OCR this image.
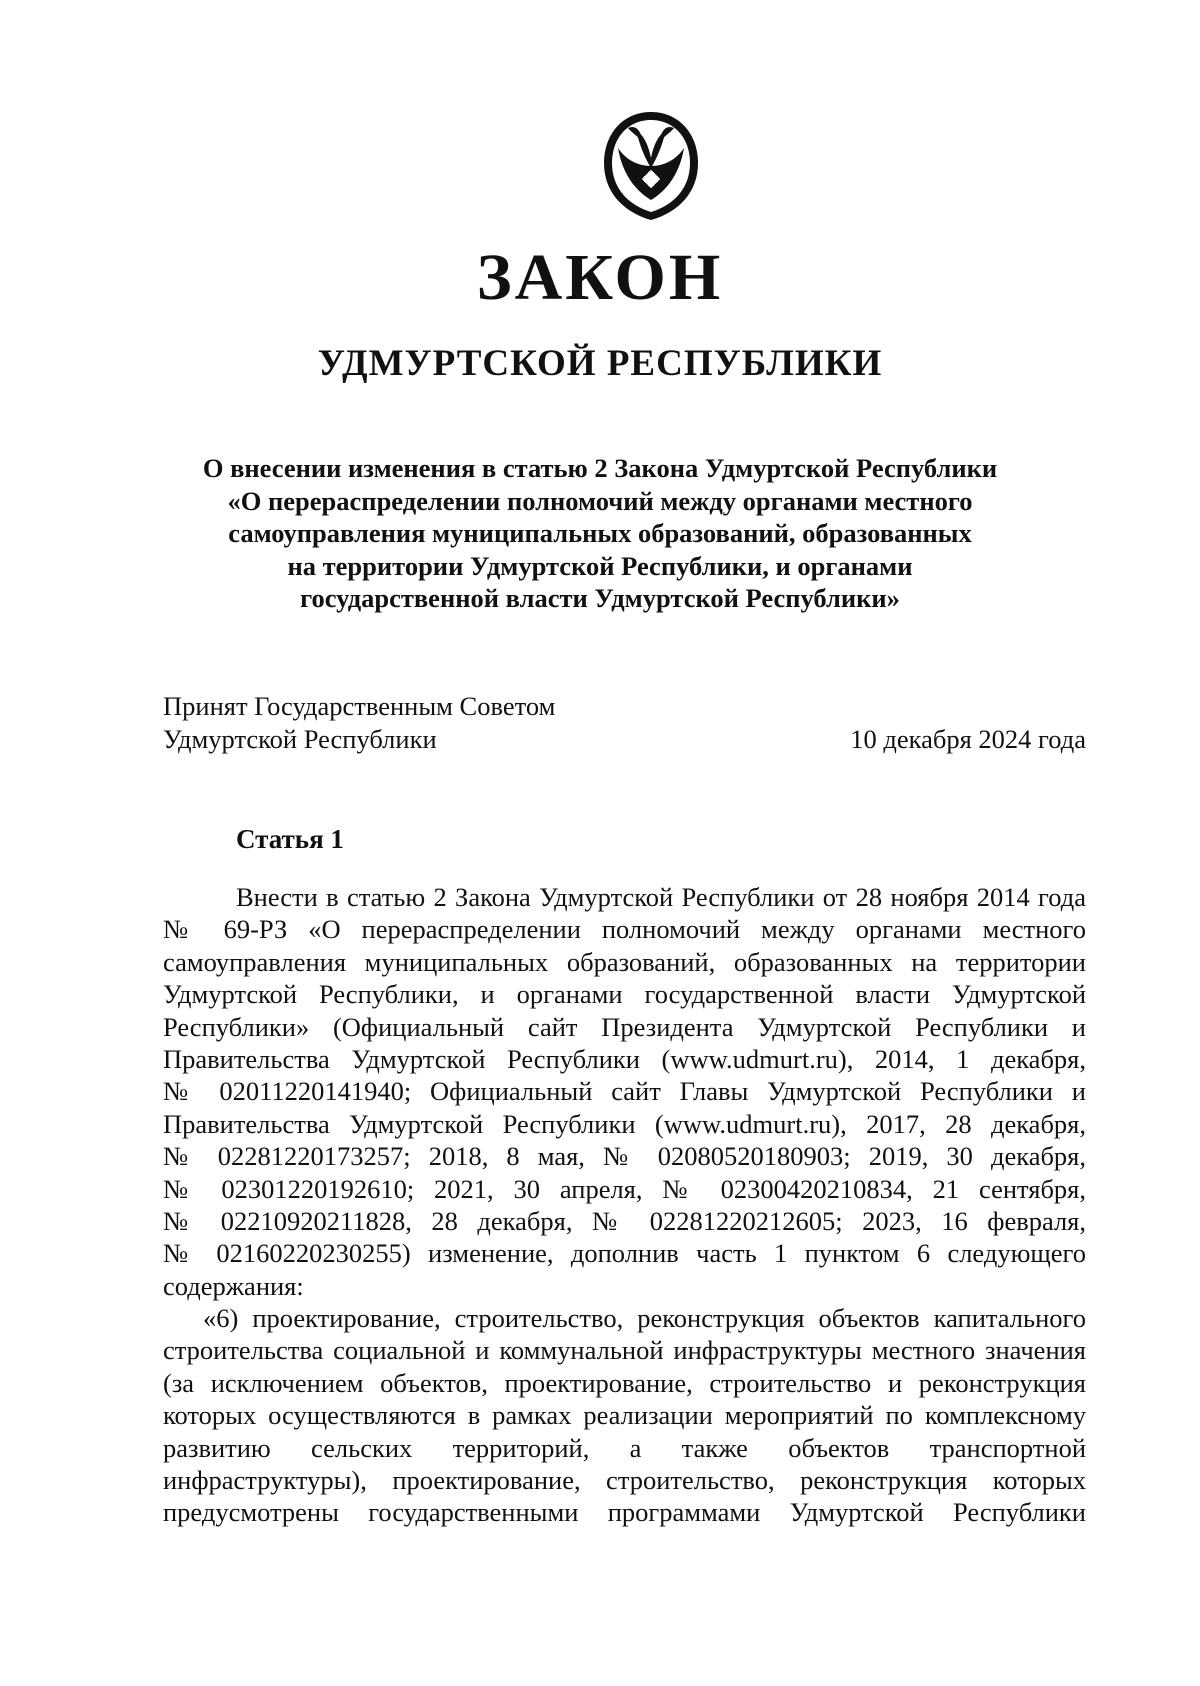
ЗАКОН
УДМУРТСКОЙ РЕСПУБЛИКИ
О внесении изменения в статью 2 Закона Удмуртской Республики
«О перераспределении полномочий между органами местного
самоуправления муниципальных образований, образованных
на территории Удмуртской Республики, и органами
государственной власти Удмуртской Республики»
Принят Государственным Советом
Удмуртской Республики	10 декабря 2024 года
Статья 1
Внести в статью 2 Закона Удмуртской Республики от 28 ноября 2014 года
№ 69-РЗ «О перераспределении полномочий между органами местного
самоуправления муниципальных образований, образованных на территории
Удмуртской Республики, и органами государственной власти Удмуртской
Республики» (Официальный сайт Президента Удмуртской Республики и
Правительства Удмуртской Республики (www.udmurt.ru), 2014, 1 декабря,
№ 02011220141940; Официальный сайт Главы Удмуртской Республики и
Правительства Удмуртской Республики (www.udmurt.ru), 2017, 28 декабря,
№ 02281220173257; 2018, 8 мая, № 02080520180903; 2019, 30 декабря,
№ 02301220192610; 2021, 30 апреля, № 02300420210834, 21 сентября,
№ 02210920211828, 28 декабря, № 02281220212605; 2023, 16 февраля,
№ 02160220230255) изменение, дополнив часть 1 пунктом 6 следующего
содержания:
«6) проектирование, строительство, реконструкция объектов капитального
строительства социальной и коммунальной инфраструктуры местного значения
(за исключением объектов, проектирование, строительство и реконструкция
которых осуществляются в рамках реализации мероприятий по комплексному
развитию сельских территорий, а также объектов транспортной
инфраструктуры), проектирование, строительство, реконструкция которых
предусмотрены государственными программами Удмуртской Республики
